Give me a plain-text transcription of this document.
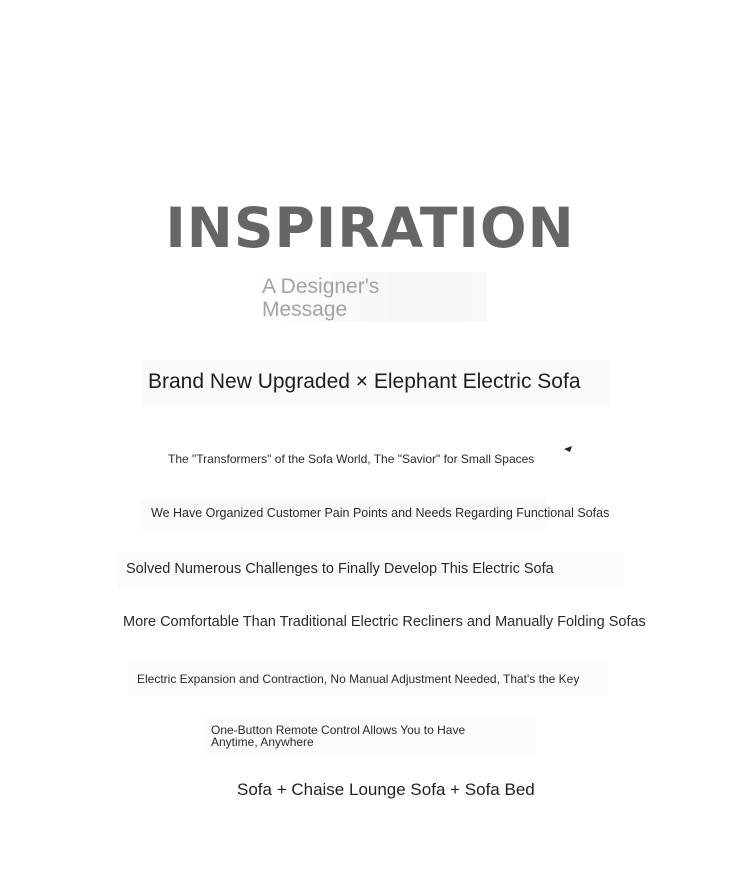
INSPIRATION
A Designer's
Message
Brand New Upgraded × Elephant Electric Sofa
The "Transformers" of the Sofa World, The "Savior" for Small Spaces
We Have Organized Customer Pain Points and Needs Regarding Functional Sofas
Solved Numerous Challenges to Finally Develop This Electric Sofa
More Comfortable Than Traditional Electric Recliners and Manually Folding Sofas
Electric Expansion and Contraction, No Manual Adjustment Needed, That's the Key
One-Button Remote Control Allows You to Have
Anytime, Anywhere
Sofa + Chaise Lounge Sofa + Sofa Bed
